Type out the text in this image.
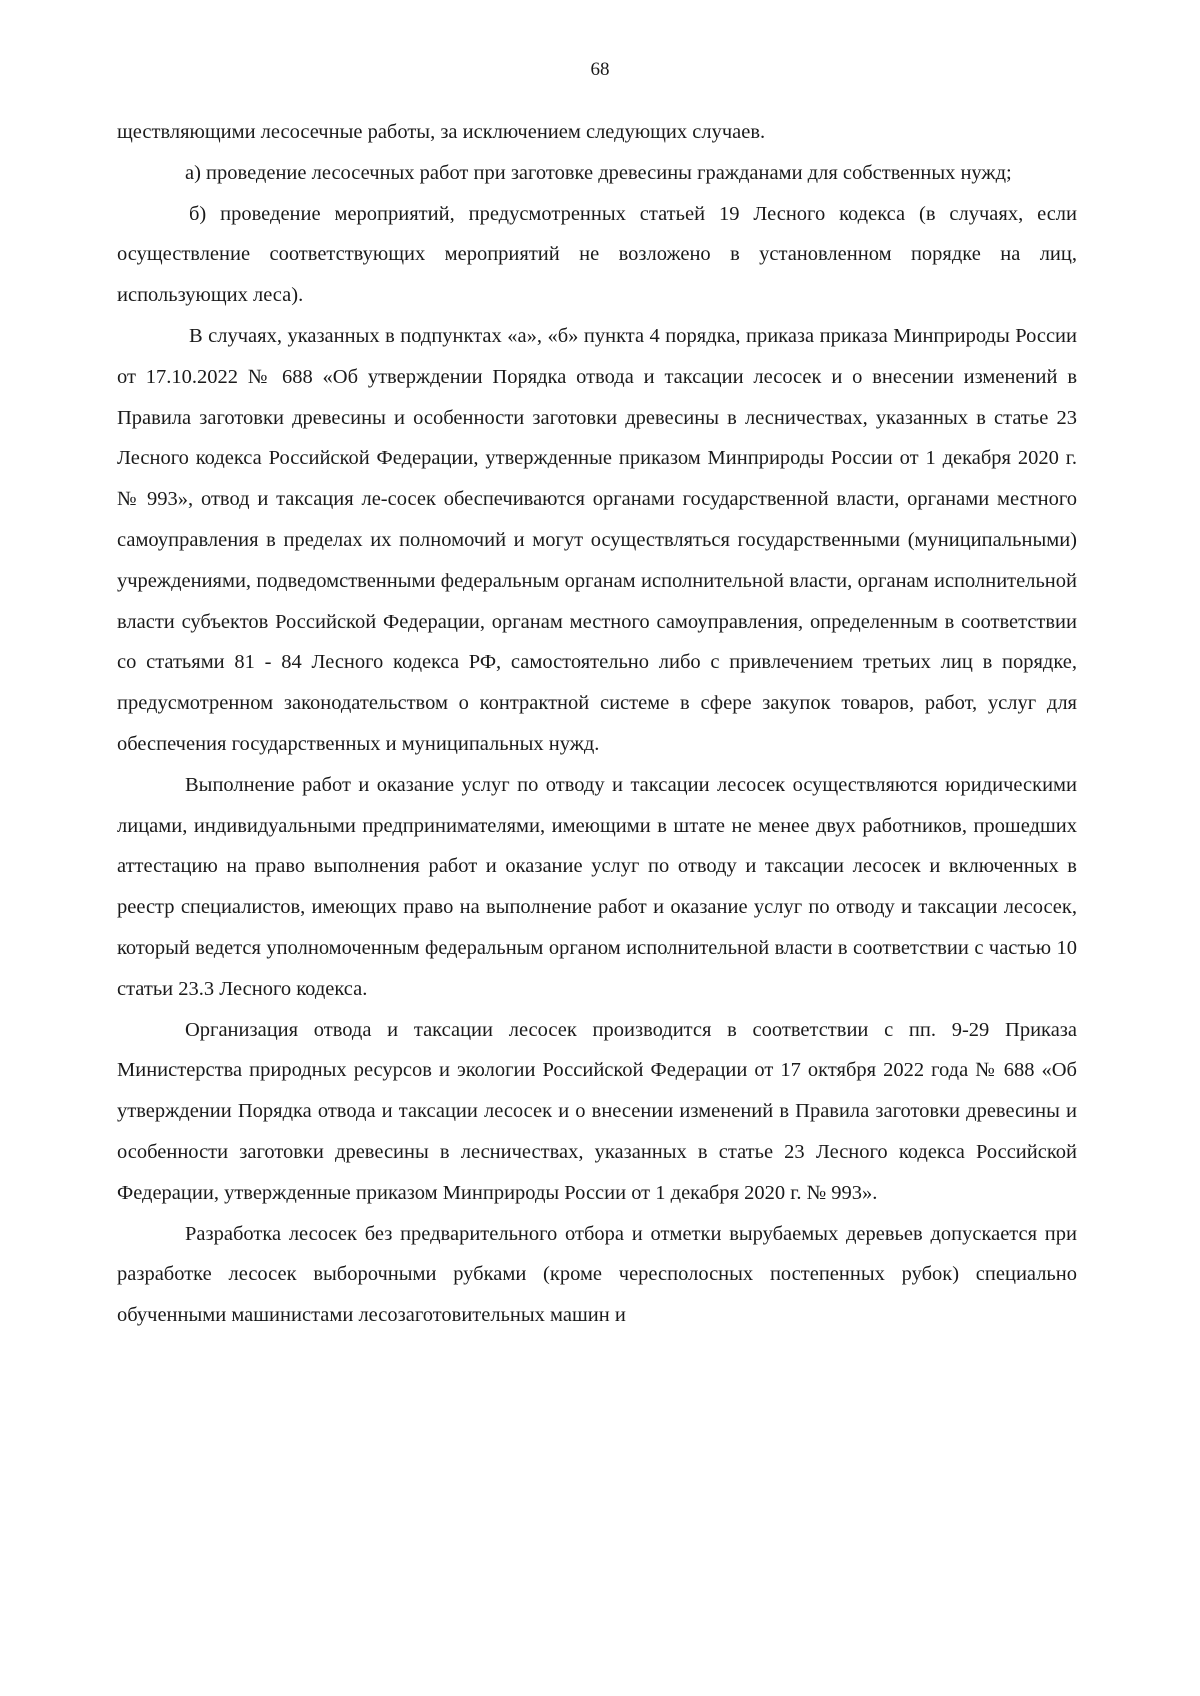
68

ществляющими лесосечные работы, за исключением следующих случаев.

а) проведение лесосечных работ при заготовке древесины гражданами для собственных нужд;

б) проведение мероприятий, предусмотренных статьей 19 Лесного кодекса (в случаях, если осуществление соответствующих мероприятий не возложено в установленном порядке на лиц, использующих леса).

В случаях, указанных в подпунктах «а», «б» пункта 4 порядка, приказа приказа Минприроды России от 17.10.2022 № 688 «Об утверждении Порядка отвода и таксации лесосек и о внесении изменений в Правила заготовки древесины и особенности заготовки древесины в лесничествах, указанных в статье 23 Лесного кодекса Российской Федерации, утвержденные приказом Минприроды России от 1 декабря 2020 г. № 993», отвод и таксация ле-сосек обеспечиваются органами государственной власти, органами местного самоуправления в пределах их полномочий и могут осуществляться государственными (муниципальными) учреждениями, подведомственными федеральным органам исполнительной власти, органам исполнительной власти субъектов Российской Федерации, органам местного самоуправления, определенным в соответствии со статьями 81 - 84 Лесного кодекса РФ, самостоятельно либо с привлечением третьих лиц в порядке, предусмотренном законодательством о контрактной системе в сфере закупок товаров, работ, услуг для обеспечения государственных и муниципальных нужд.

Выполнение работ и оказание услуг по отводу и таксации лесосек осуществляются юридическими лицами, индивидуальными предпринимателями, имеющими в штате не менее двух работников, прошедших аттестацию на право выполнения работ и оказание услуг по отводу и таксации лесосек и включенных в реестр специалистов, имеющих право на выполнение работ и оказание услуг по отводу и таксации лесосек, который ведется уполномоченным федеральным органом исполнительной власти в соответствии с частью 10 статьи 23.3 Лесного кодекса.

Организация отвода и таксации лесосек производится в соответствии с пп. 9-29 Приказа Министерства природных ресурсов и экологии Российской Федерации от 17 октября 2022 года № 688 «Об утверждении Порядка отвода и таксации лесосек и о внесении изменений в Правила заготовки древесины и особенности заготовки древесины в лесничествах, указанных в статье 23 Лесного кодекса Российской Федерации, утвержденные приказом Минприроды России от 1 декабря 2020 г. № 993».

Разработка лесосек без предварительного отбора и отметки вырубаемых деревьев допускается при разработке лесосек выборочными рубками (кроме чересполосных постепенных рубок) специально обученными машинистами лесозаготовительных машин и
